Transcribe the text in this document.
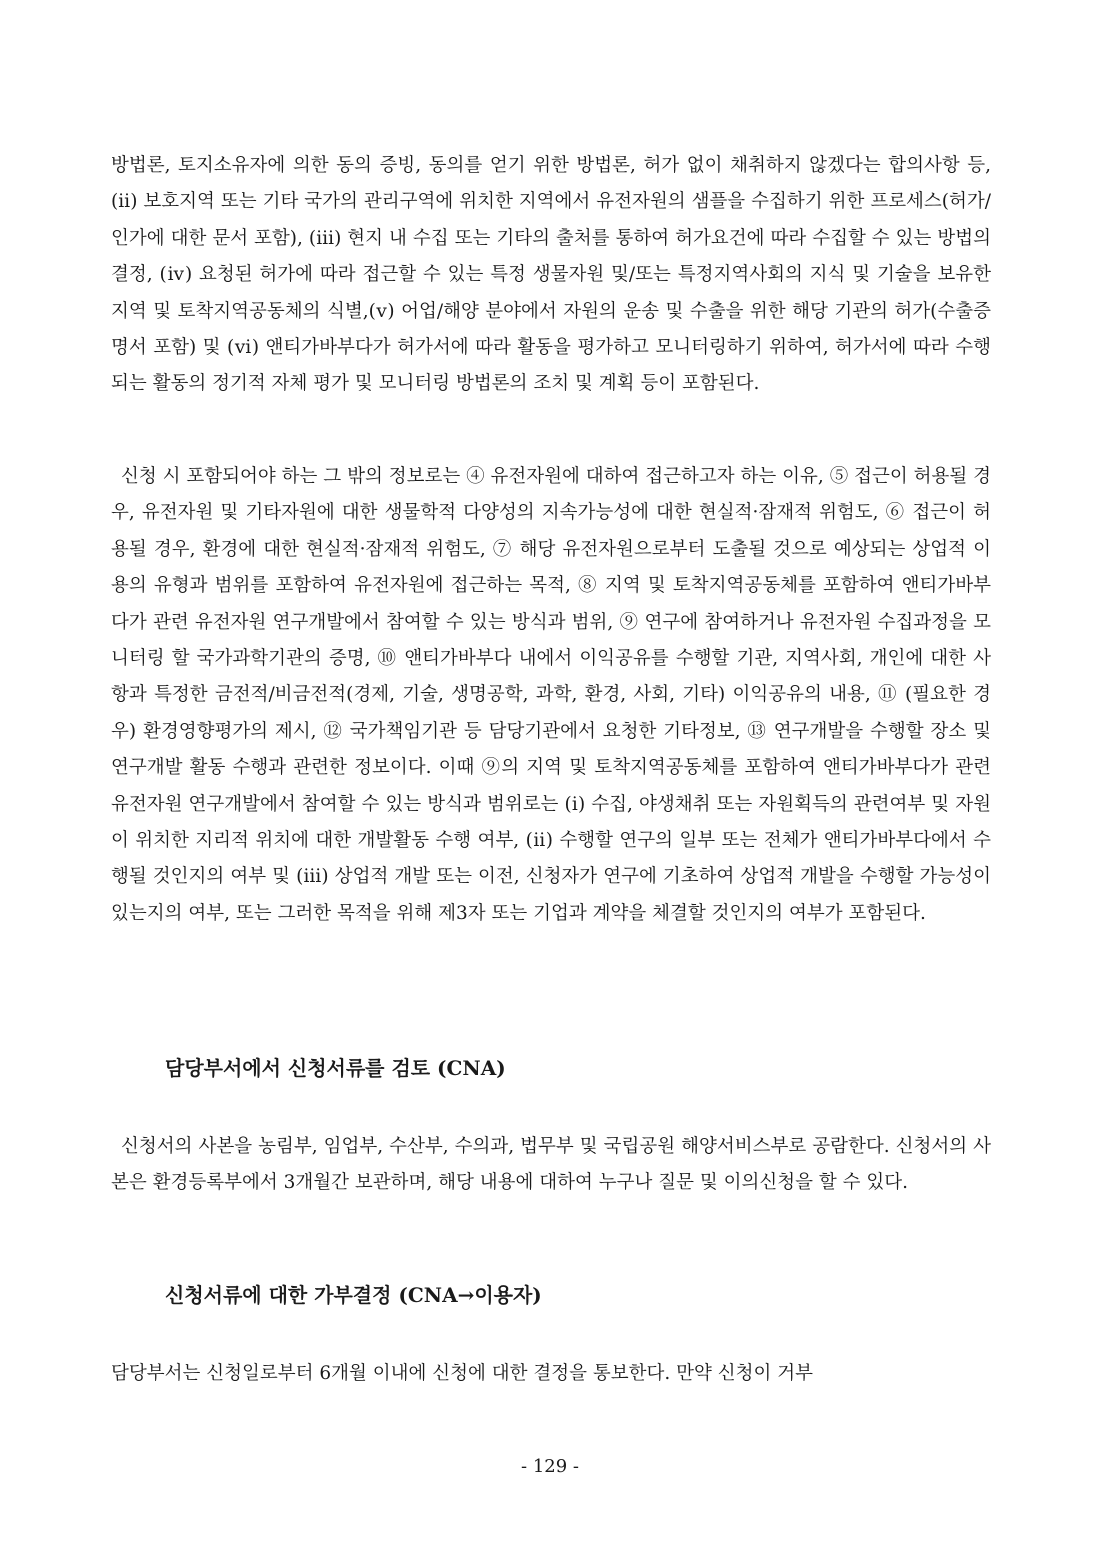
방법론, 토지소유자에 의한 동의 증빙, 동의를 얻기 위한 방법론, 허가 없이 채취하지 않겠다는 합의사항 등, (ⅱ) 보호지역 또는 기타 국가의 관리구역에 위치한 지역에서 유전자원의 샘플을 수집하기 위한 프로세스(허가/인가에 대한 문서 포함), (ⅲ) 현지 내 수집 또는 기타의 출처를 통하여 허가요건에 따라 수집할 수 있는 방법의 결정, (ⅳ) 요청된 허가에 따라 접근할 수 있는 특정 생물자원 및/또는 특정지역사회의 지식 및 기술을 보유한 지역 및 토착지역공동체의 식별,(ⅴ) 어업/해양 분야에서 자원의 운송 및 수출을 위한 해당 기관의 허가(수출증명서 포함) 및 (ⅵ) 앤티가바부다가 허가서에 따라 활동을 평가하고 모니터링하기 위하여, 허가서에 따라 수행되는 활동의 정기적 자체 평가 및 모니터링 방법론의 조치 및 계획 등이 포함된다.

신청 시 포함되어야 하는 그 밖의 정보로는 ④ 유전자원에 대하여 접근하고자 하는 이유, ⑤ 접근이 허용될 경우, 유전자원 및 기타자원에 대한 생물학적 다양성의 지속가능성에 대한 현실적·잠재적 위험도, ⑥ 접근이 허용될 경우, 환경에 대한 현실적·잠재적 위험도, ⑦ 해당 유전자원으로부터 도출될 것으로 예상되는 상업적 이용의 유형과 범위를 포함하여 유전자원에 접근하는 목적, ⑧ 지역 및 토착지역공동체를 포함하여 앤티가바부다가 관련 유전자원 연구개발에서 참여할 수 있는 방식과 범위, ⑨ 연구에 참여하거나 유전자원 수집과정을 모니터링 할 국가과학기관의 증명, ⑩ 앤티가바부다 내에서 이익공유를 수행할 기관, 지역사회, 개인에 대한 사항과 특정한 금전적/비금전적(경제, 기술, 생명공학, 과학, 환경, 사회, 기타) 이익공유의 내용, ⑪ (필요한 경우) 환경영향평가의 제시, ⑫ 국가책임기관 등 담당기관에서 요청한 기타정보, ⑬ 연구개발을 수행할 장소 및 연구개발 활동 수행과 관련한 정보이다. 이때 ⑨의 지역 및 토착지역공동체를 포함하여 앤티가바부다가 관련 유전자원 연구개발에서 참여할 수 있는 방식과 범위로는 (ⅰ) 수집, 야생채취 또는 자원획득의 관련여부 및 자원이 위치한 지리적 위치에 대한 개발활동 수행 여부, (ⅱ) 수행할 연구의 일부 또는 전체가 앤티가바부다에서 수행될 것인지의 여부 및 (ⅲ) 상업적 개발 또는 이전, 신청자가 연구에 기초하여 상업적 개발을 수행할 가능성이 있는지의 여부, 또는 그러한 목적을 위해 제3자 또는 기업과 계약을 체결할 것인지의 여부가 포함된다.

담당부서에서 신청서류를 검토 (CNA)

신청서의 사본을 농림부, 임업부, 수산부, 수의과, 법무부 및 국립공원 해양서비스부로 공람한다. 신청서의 사본은 환경등록부에서 3개월간 보관하며, 해당 내용에 대하여 누구나 질문 및 이의신청을 할 수 있다.

신청서류에 대한 가부결정 (CNA→이용자)

담당부서는 신청일로부터 6개월 이내에 신청에 대한 결정을 통보한다. 만약 신청이 거부

- 129 -
